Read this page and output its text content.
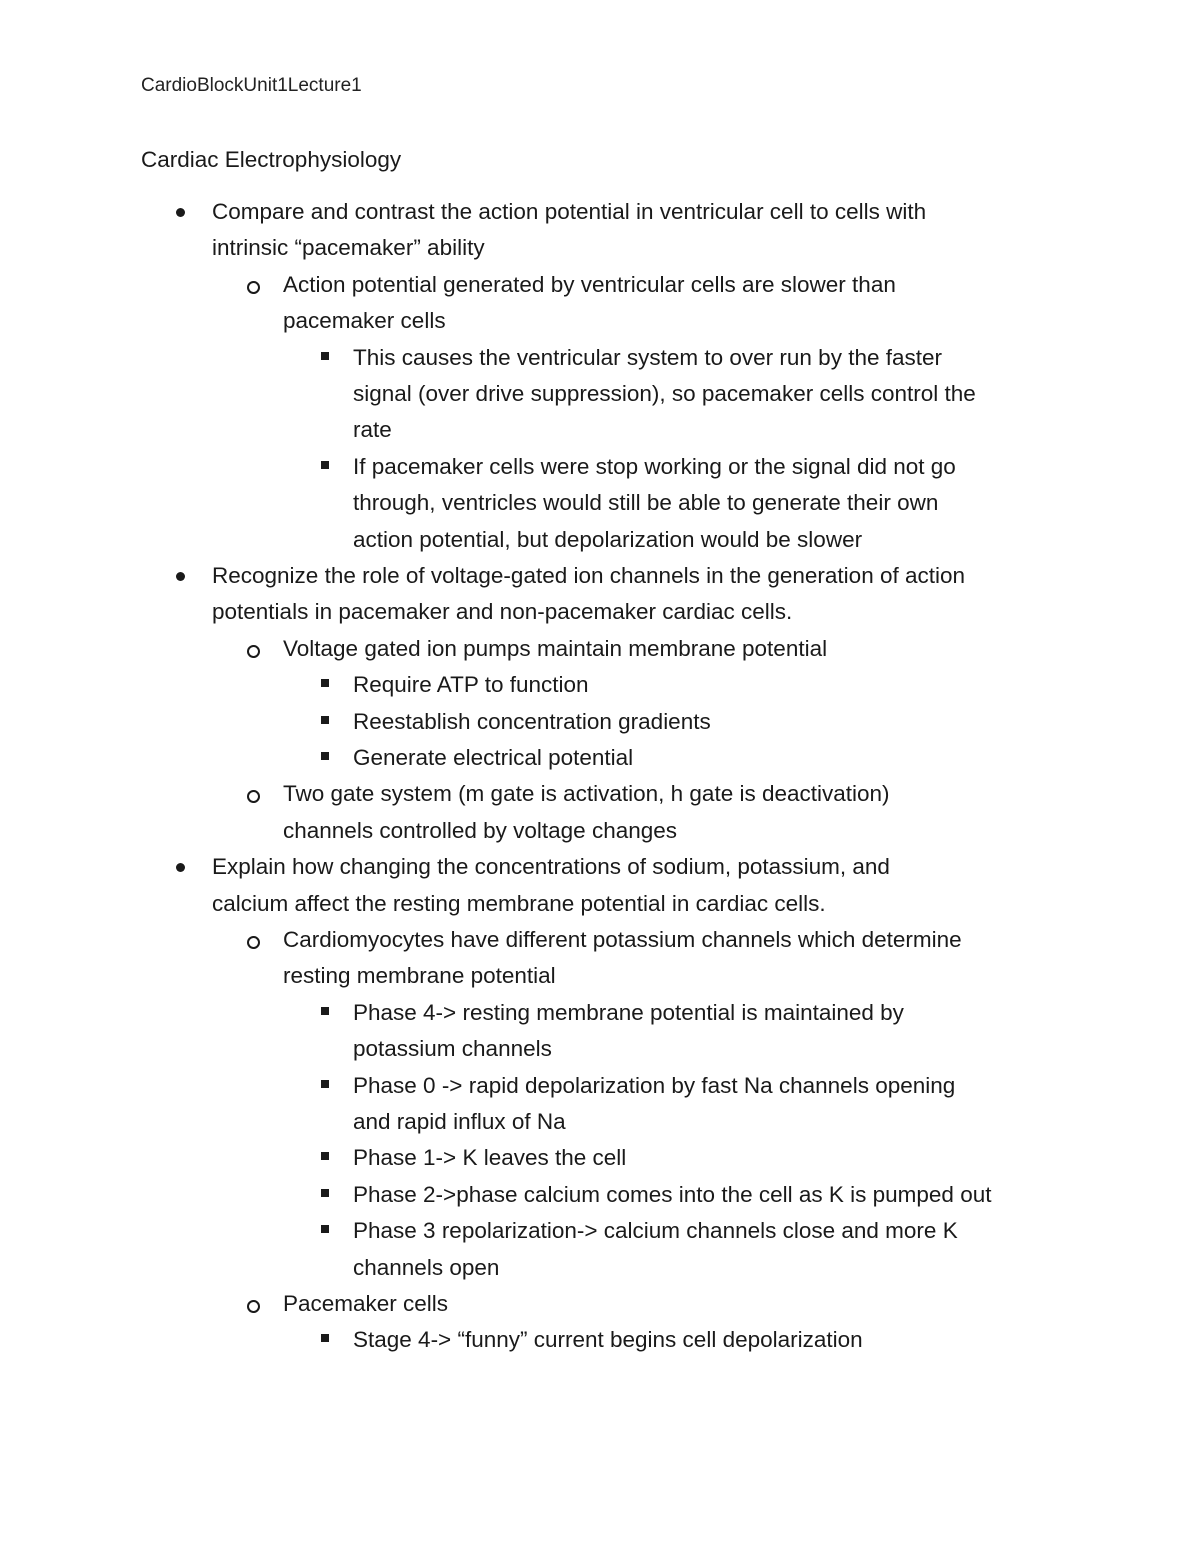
CardioBlockUnit1Lecture1
Cardiac Electrophysiology
Compare and contrast the action potential in ventricular cell to cells with
intrinsic “pacemaker” ability
Action potential generated by ventricular cells are slower than
pacemaker cells
This causes the ventricular system to over run by the faster
signal (over drive suppression), so pacemaker cells control the
rate
If pacemaker cells were stop working or the signal did not go
through, ventricles would still be able to generate their own
action potential, but depolarization would be slower
Recognize the role of voltage-gated ion channels in the generation of action
potentials in pacemaker and non-pacemaker cardiac cells.
Voltage gated ion pumps maintain membrane potential
Require ATP to function
Reestablish concentration gradients
Generate electrical potential
Two gate system (m gate is activation, h gate is deactivation)
channels controlled by voltage changes
Explain how changing the concentrations of sodium, potassium, and
calcium affect the resting membrane potential in cardiac cells.
Cardiomyocytes have different potassium channels which determine
resting membrane potential
Phase 4-> resting membrane potential is maintained by
potassium channels
Phase 0 -> rapid depolarization by fast Na channels opening
and rapid influx of Na
Phase 1-> K leaves the cell
Phase 2->phase calcium comes into the cell as K is pumped out
Phase 3 repolarization-> calcium channels close and more K
channels open
Pacemaker cells
Stage 4-> “funny” current begins cell depolarization
